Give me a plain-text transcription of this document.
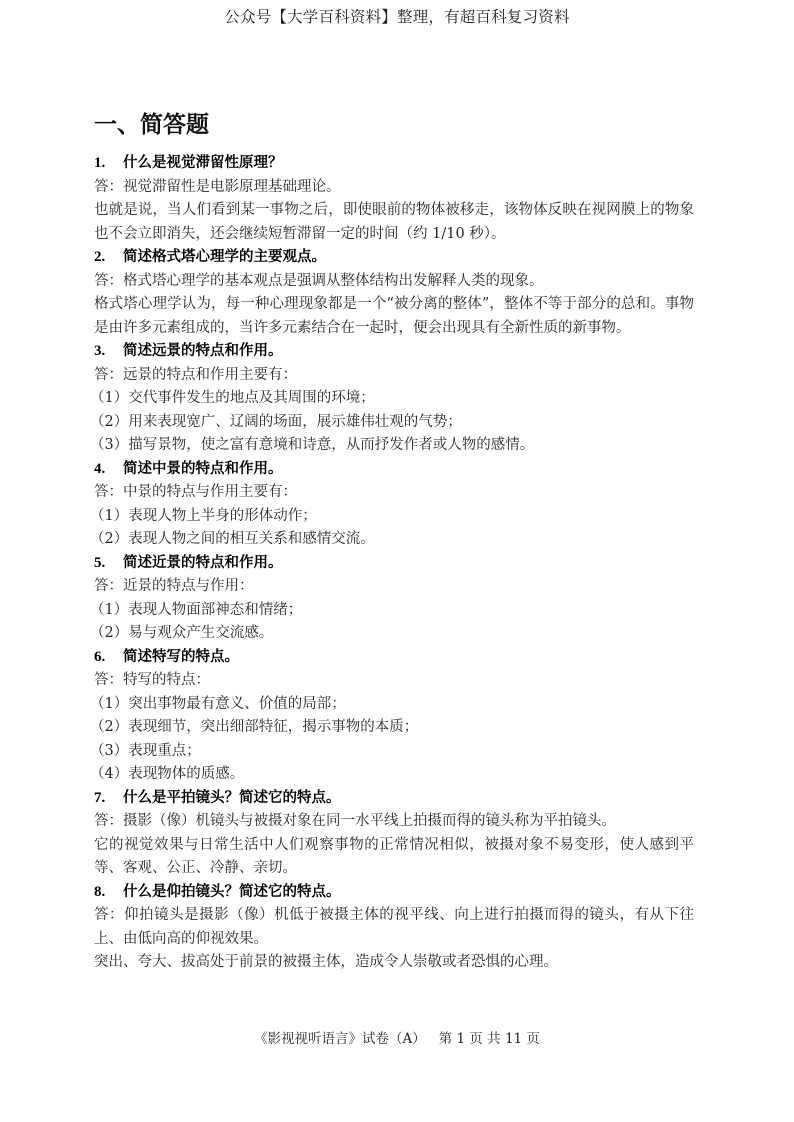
公众号【大学百科资料】整理，有超百科复习资料
一、简答题
1. 什么是视觉滞留性原理？
答：视觉滞留性是电影原理基础理论。
也就是说，当人们看到某一事物之后，即使眼前的物体被移走，该物体反映在视网膜上的物象也不会立即消失，还会继续短暂滞留一定的时间（约 1/10 秒）。
2. 简述格式塔心理学的主要观点。
答：格式塔心理学的基本观点是强调从整体结构出发解释人类的现象。
格式塔心理学认为，每一种心理现象都是一个“被分离的整体”，整体不等于部分的总和。事物是由许多元素组成的，当许多元素结合在一起时，便会出现具有全新性质的新事物。
3. 简述远景的特点和作用。
答：远景的特点和作用主要有：
（1）交代事件发生的地点及其周围的环境；
（2）用来表现宽广、辽阔的场面，展示雄伟壮观的气势；
（3）描写景物，使之富有意境和诗意，从而抒发作者或人物的感情。
4. 简述中景的特点和作用。
答：中景的特点与作用主要有：
（1）表现人物上半身的形体动作；
（2）表现人物之间的相互关系和感情交流。
5. 简述近景的特点和作用。
答：近景的特点与作用：
（1）表现人物面部神态和情绪；
（2）易与观众产生交流感。
6. 简述特写的特点。
答：特写的特点：
（1）突出事物最有意义、价值的局部；
（2）表现细节，突出细部特征，揭示事物的本质；
（3）表现重点；
（4）表现物体的质感。
7. 什么是平拍镜头？简述它的特点。
答：摄影（像）机镜头与被摄对象在同一水平线上拍摄而得的镜头称为平拍镜头。
它的视觉效果与日常生活中人们观察事物的正常情况相似，被摄对象不易变形，使人感到平等、客观、公正、冷静、亲切。
8. 什么是仰拍镜头？简述它的特点。
答：仰拍镜头是摄影（像）机低于被摄主体的视平线、向上进行拍摄而得的镜头，有从下往上、由低向高的仰视效果。
突出、夸大、拔高处于前景的被摄主体，造成令人崇敬或者恐惧的心理。
《影视视听语言》试卷（A）   第 1 页 共 11 页
